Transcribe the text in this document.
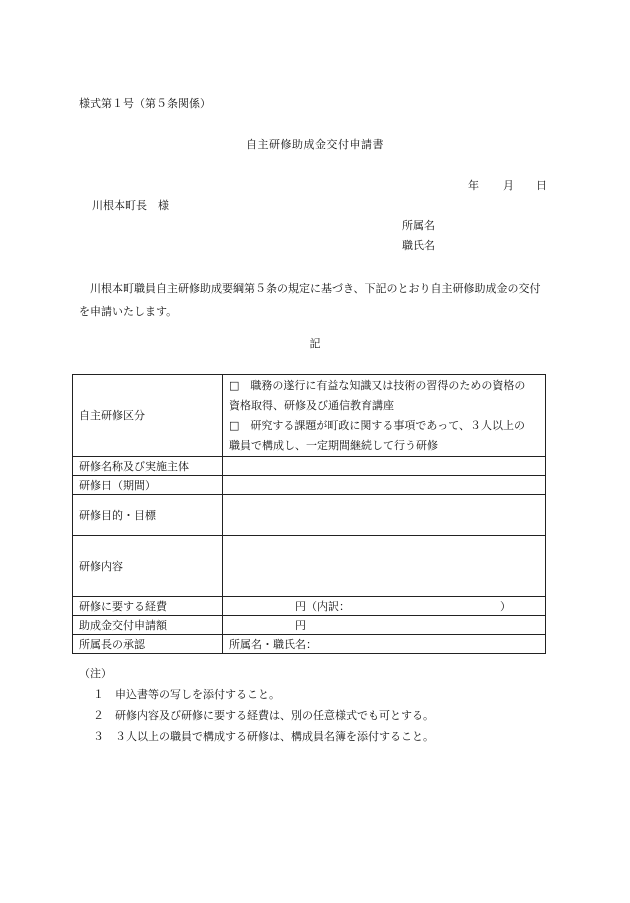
様式第１号（第５条関係）
自主研修助成金交付申請書
年 月 日
川根本町長　様
所属名
職氏名
川根本町職員自主研修助成要綱第５条の規定に基づき、下記のとおり自主研修助成金の交付を申請いたします。
記
自主研修区分	□　職務の遂行に有益な知識又は技術の習得のための資格の
資格取得、研修及び通信教育講座
□　研究する課題が町政に関する事項であって、３人以上の
職員で構成し、一定期間継続して行う研修

研修名称及び実施主体	
研修日（期間）	
研修目的・目標	
研修内容	
研修に要する経費	円（内訳： ）
助成金交付申請額	円
所属長の承認	所属名・職氏名：
（注）
１　申込書等の写しを添付すること。
２　研修内容及び研修に要する経費は、別の任意様式でも可とする。
３　３人以上の職員で構成する研修は、構成員名簿を添付すること。
